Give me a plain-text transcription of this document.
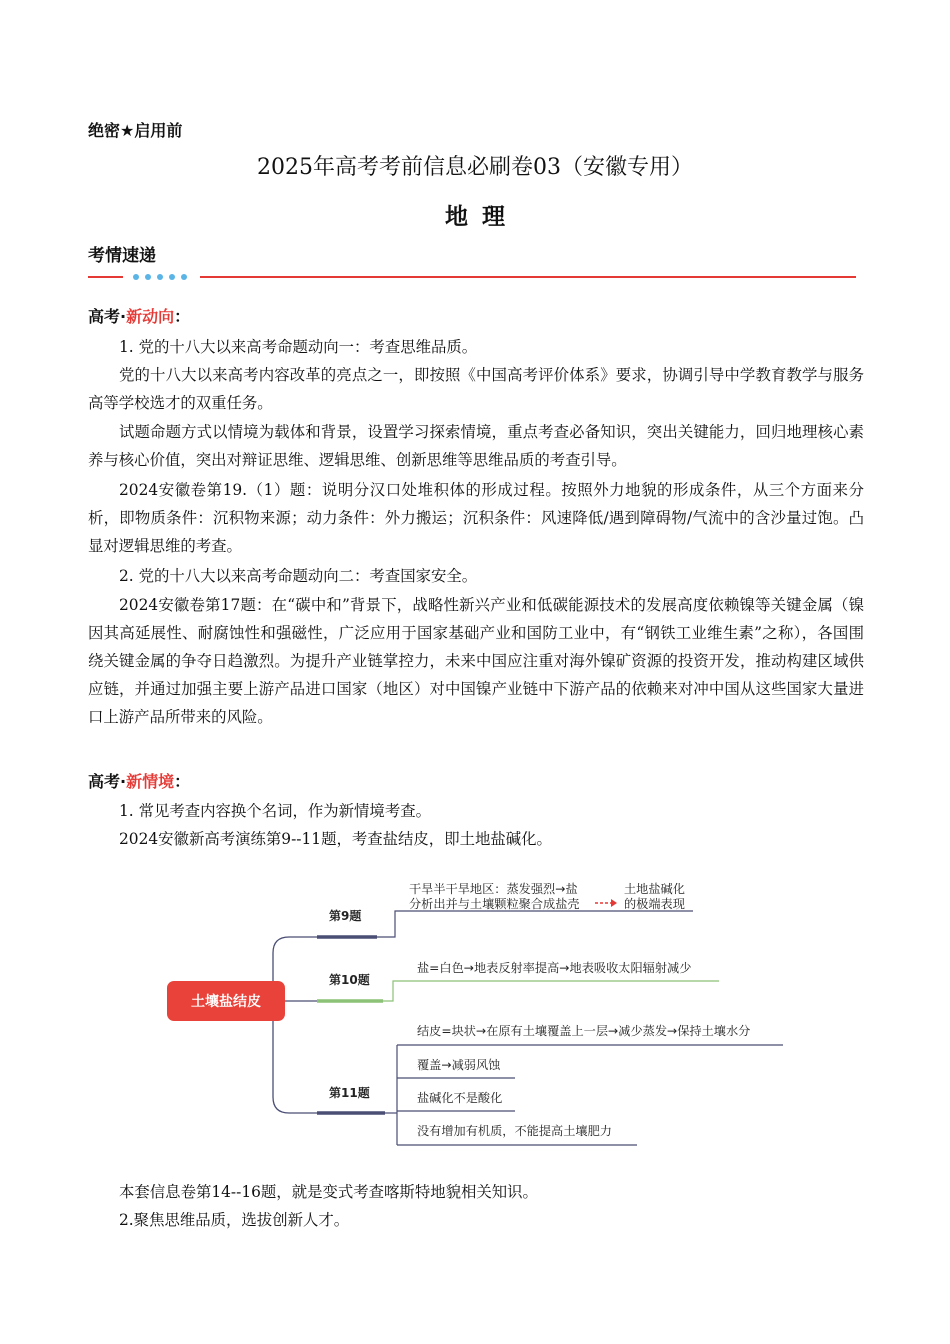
绝密★启用前
2025年高考考前信息必刷卷03（安徽专用）
地理
考情速递
高考·新动向：
1. 党的十八大以来高考命题动向一：考查思维品质。
党的十八大以来高考内容改革的亮点之一，即按照《中国高考评价体系》要求，协调引导中学教育教学与服务高等学校选才的双重任务。
试题命题方式以情境为载体和背景，设置学习探索情境，重点考查必备知识，突出关键能力，回归地理核心素养与核心价值，突出对辩证思维、逻辑思维、创新思维等思维品质的考查引导。
2024安徽卷第19.（1）题：说明分汉口处堆积体的形成过程。按照外力地貌的形成条件，从三个方面来分析，即物质条件：沉积物来源；动力条件：外力搬运；沉积条件：风速降低/遇到障碍物/气流中的含沙量过饱。凸显对逻辑思维的考查。
2. 党的十八大以来高考命题动向二：考查国家安全。
2024安徽卷第17题：在“碳中和”背景下，战略性新兴产业和低碳能源技术的发展高度依赖镍等关键金属（镍因其高延展性、耐腐蚀性和强磁性，广泛应用于国家基础产业和国防工业中，有“钢铁工业维生素”之称），各国围绕关键金属的争夺日趋激烈。为提升产业链掌控力，未来中国应注重对海外镍矿资源的投资开发，推动构建区域供应链，并通过加强主要上游产品进口国家（地区）对中国镍产业链中下游产品的依赖来对冲中国从这些国家大量进口上游产品所带来的风险。
高考·新情境：
1. 常见考查内容换个名词，作为新情境考查。
2024安徽新高考演练第9--11题，考查盐结皮，即土地盐碱化。
土壤盐结皮
第9题
干旱半干旱地区：蒸发强烈→盐
分析出并与土壤颗粒聚合成盐壳
土地盐碱化
的极端表现
第10题
盐=白色→地表反射率提高→地表吸收太阳辐射减少
第11题
结皮=块状→在原有土壤覆盖上一层→减少蒸发→保持土壤水分
覆盖→减弱风蚀
盐碱化不是酸化
没有增加有机质，不能提高土壤肥力
本套信息卷第14--16题，就是变式考查喀斯特地貌相关知识。
2.聚焦思维品质，选拔创新人才。
